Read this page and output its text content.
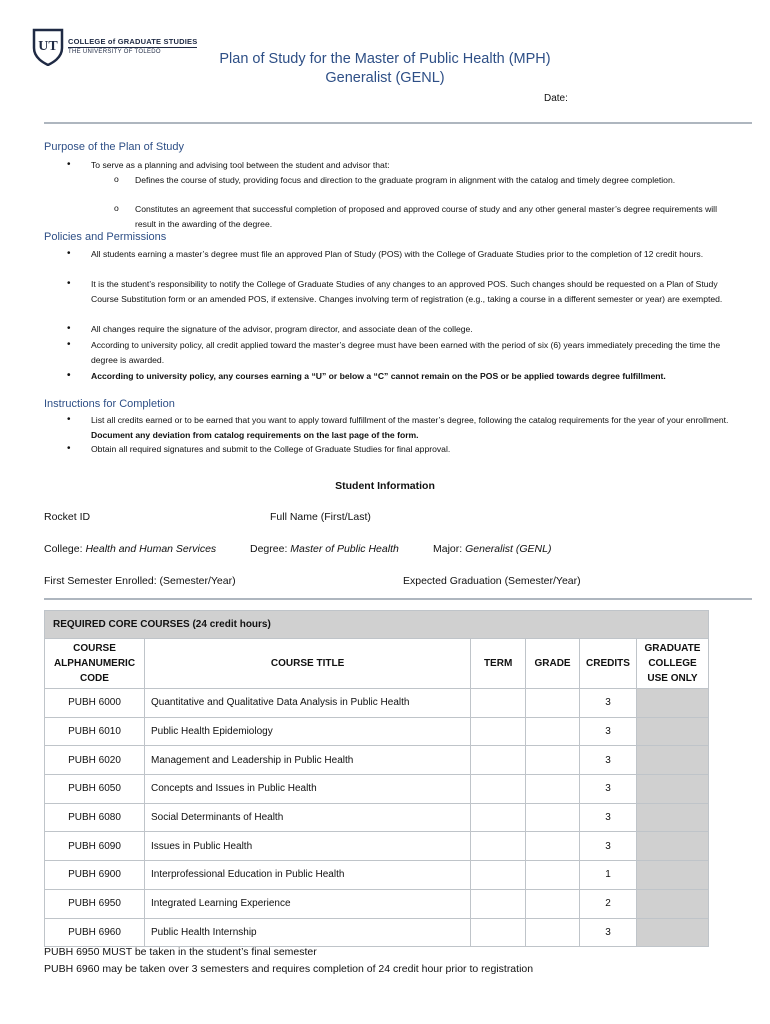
UT COLLEGE of GRADUATE STUDIES
THE UNIVERSITY OF TOLEDO	Plan of Study for the Master of Public Health (MPH)
Generalist (GENL)
Date:
Purpose of the Plan of Study
• To serve as a planning and advising tool between the student and advisor that:
o Defines the course of study, providing focus and direction to the graduate program in alignment with the catalog and timely degree completion.
o Constitutes an agreement that successful completion of proposed and approved course of study and any other general master’s degree requirements will result in the awarding of the degree.
Policies and Permissions
• All students earning a master’s degree must file an approved Plan of Study (POS) with the College of Graduate Studies prior to the completion of 12 credit hours.
• It is the student’s responsibility to notify the College of Graduate Studies of any changes to an approved POS. Such changes should be requested on a Plan of Study Course Substitution form or an amended POS, if extensive. Changes involving term of registration (e.g., taking a course in a different semester or year) are exempted.
• All changes require the signature of the advisor, program director, and associate dean of the college.
• According to university policy, all credit applied toward the master’s degree must have been earned with the period of six (6) years immediately preceding the time the degree is awarded.
• According to university policy, any courses earning a “U” or below a “C” cannot remain on the POS or be applied towards degree fulfillment.
Instructions for Completion
• List all credits earned or to be earned that you want to apply toward fulfillment of the master’s degree, following the catalog requirements for the year of your enrollment. Document any deviation from catalog requirements on the last page of the form.
• Obtain all required signatures and submit to the College of Graduate Studies for final approval.
Student Information
Rocket ID	Full Name (First/Last)
College: Health and Human Services	Degree: Master of Public Health	Major: Generalist (GENL)
First Semester Enrolled: (Semester/Year)	Expected Graduation (Semester/Year)
REQUIRED CORE COURSES (24 credit hours)					
COURSE ALPHANUMERIC CODE	COURSE TITLE	TERM	GRADE	CREDITS	GRADUATE COLLEGE USE ONLY
PUBH 6000	Quantitative and Qualitative Data Analysis in Public Health			3	
PUBH 6010	Public Health Epidemiology			3	
PUBH 6020	Management and Leadership in Public Health			3	
PUBH 6050	Concepts and Issues in Public Health			3	
PUBH 6080	Social Determinants of Health			3	
PUBH 6090	Issues in Public Health			3	
PUBH 6900	Interprofessional Education in Public Health			1	
PUBH 6950	Integrated Learning Experience			2	
PUBH 6960	Public Health Internship			3	
PUBH 6950 MUST be taken in the student’s final semester
PUBH 6960 may be taken over 3 semesters and requires completion of 24 credit hour prior to registration
